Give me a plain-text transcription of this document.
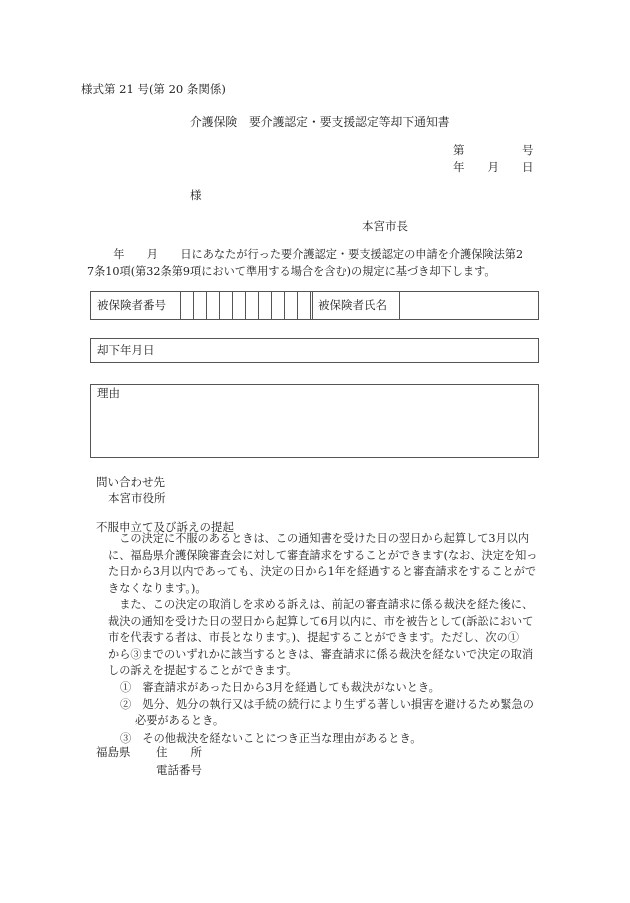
様式第 21 号(第 20 条関係)
介護保険　要介護認定・要支援認定等却下通知書
第　　　　　号
年　　月　　日
様
本宮市長

　年　　月　　日にあなたが行った要介護認定・要支援認定の申請を介護保険法第2

7条10項(第32条第9項において準用する場合を含む)の規定に基づき却下します。

被保険者番号	被保険者氏名
却下年月日
理由
問い合わせ先
本宮市役所
不服申立て及び訴えの提起

　この決定に不服のあるときは、この通知書を受けた日の翌日から起算して3月以内

に、福島県介護保険審査会に対して審査請求をすることができます(なお、決定を知っ

た日から3月以内であっても、決定の日から1年を経過すると審査請求をすることがで

きなくなります。)。

　また、この決定の取消しを求める訴えは、前記の審査請求に係る裁決を経た後に、

裁決の通知を受けた日の翌日から起算して6月以内に、市を被告として(訴訟において

市を代表する者は、市長となります。)、提起することができます。ただし、次の①

から③までのいずれかに該当するときは、審査請求に係る裁決を経ないで決定の取消

しの訴えを提起することができます。

①　審査請求があった日から3月を経過しても裁決がないとき。
②　処分、処分の執行又は手続の続行により生ずる著しい損害を避けるため緊急の
必要があるとき。
③　その他裁決を経ないことにつき正当な理由があるとき。
福島県 住　　所
電話番号
